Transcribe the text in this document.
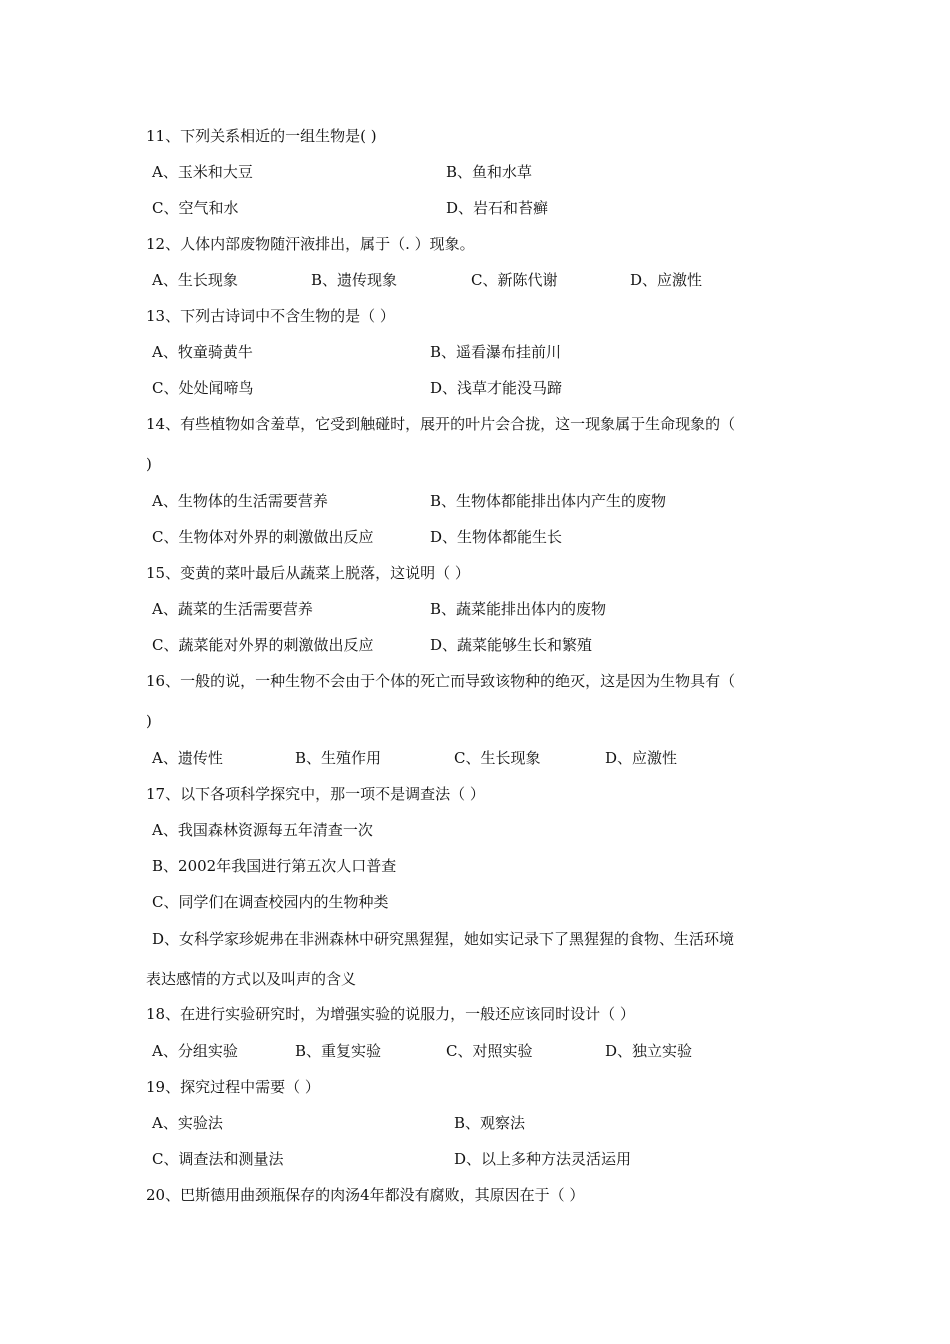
11、下列关系相近的一组生物是( )
A、玉米和大豆	B、鱼和水草
C、空气和水	D、岩石和苔癣
12、人体内部废物随汗液排出，属于（. ）现象。
A、生长现象	B、遗传现象	C、新陈代谢	D、应激性
13、下列古诗词中不含生物的是（ ）
A、牧童骑黄牛	B、遥看瀑布挂前川
C、处处闻啼鸟	D、浅草才能没马蹄
14、有些植物如含羞草，它受到触碰时，展开的叶片会合拢，这一现象属于生命现象的（
)
A、生物体的生活需要营养	B、生物体都能排出体内产生的废物
C、生物体对外界的刺激做出反应	D、生物体都能生长
15、变黄的菜叶最后从蔬菜上脱落，这说明（ ）
A、蔬菜的生活需要营养	B、蔬菜能排出体内的废物
C、蔬菜能对外界的刺激做出反应	D、蔬菜能够生长和繁殖
16、一般的说，一种生物不会由于个体的死亡而导致该物种的绝灭，这是因为生物具有（
)
A、遗传性	B、生殖作用	C、生长现象	D、应激性
17、以下各项科学探究中，那一项不是调查法（ ）
A、我国森林资源每五年清查一次
B、2002年我国进行第五次人口普查
C、同学们在调查校园内的生物种类
D、女科学家珍妮弗在非洲森林中研究黑猩猩，她如实记录下了黑猩猩的食物、生活环境
表达感情的方式以及叫声的含义
18、在进行实验研究时，为增强实验的说服力，一般还应该同时设计（ ）
A、分组实验	B、重复实验	C、对照实验	D、独立实验
19、探究过程中需要（ ）
A、实验法	B、观察法
C、调查法和测量法	D、以上多种方法灵活运用
20、巴斯德用曲颈瓶保存的肉汤4年都没有腐败，其原因在于（ ）
